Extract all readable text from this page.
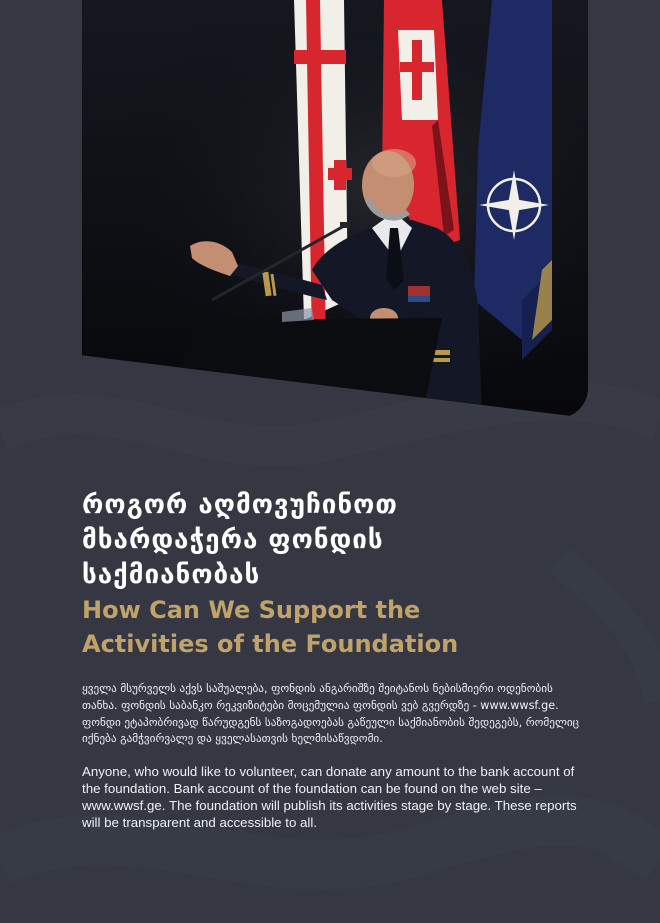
როგორ აღმოვუჩინოთ

მხარდაჭერა ფონდის

საქმიანობას

How Can We Support the

Activities of the Foundation

ყველა მსურველს აქვს საშუალება, ფონდის ანგარიშზე შეიტანოს ნებისმიერი ოდენობის თანხა. ფონდის საბანკო რეკვიზიტები მოცემულია ფონდის ვებ გვერდზე - www.wwsf.ge. ფონდი ეტაპობრივად წარუდგენს საზოგადოებას გაწეული საქმიანობის შედეგებს, რომელიც იქნება გამჭვირვალე და ყველასათვის ხელმისაწვდომი.

Anyone, who would like to volunteer, can donate any amount to the bank account of the foundation. Bank account of the foundation can be found on the web site – www.wwsf.ge. The foundation will publish its activities stage by stage. These reports will be transparent and accessible to all.
